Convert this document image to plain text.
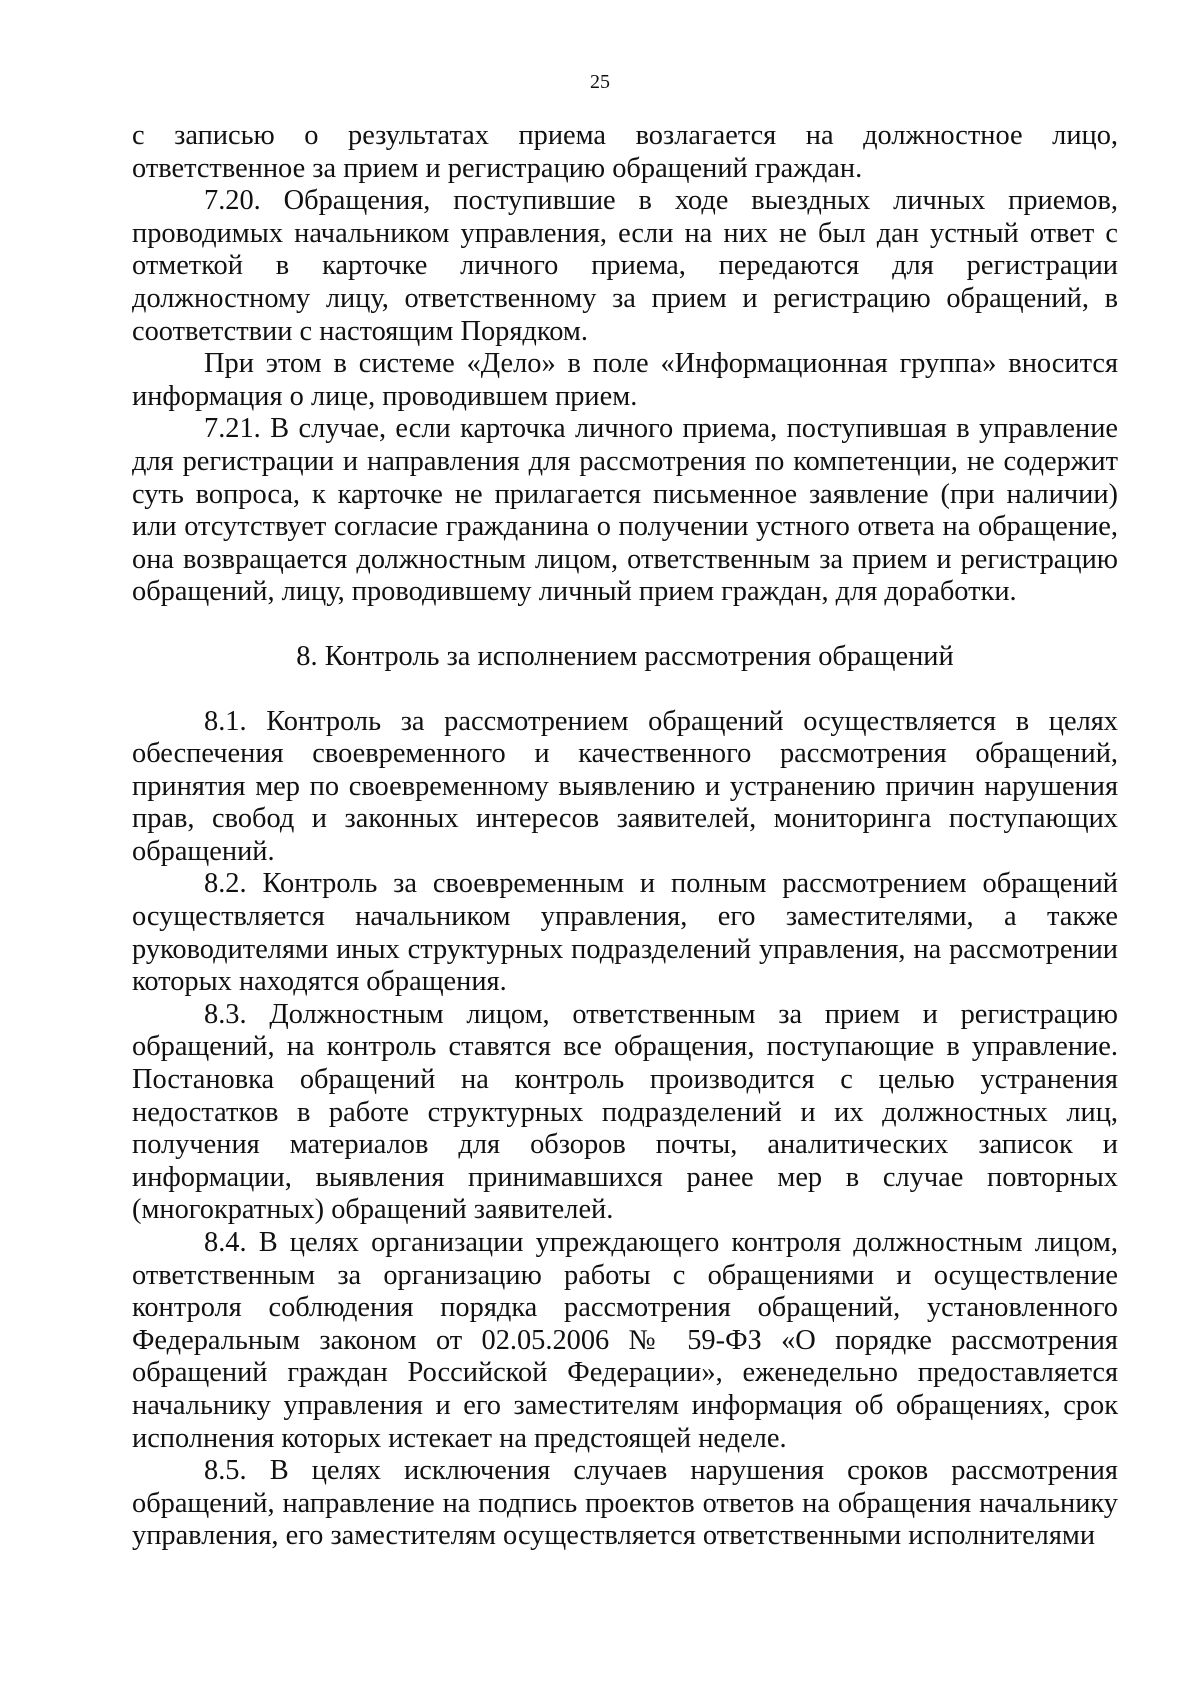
25

с записью о результатах приема возлагается на должностное лицо, ответственное за прием и регистрацию обращений граждан.

7.20. Обращения, поступившие в ходе выездных личных приемов, проводимых начальником управления, если на них не был дан устный ответ с отметкой в карточке личного приема, передаются для регистрации должностному лицу, ответственному за прием и регистрацию обращений, в соответствии с настоящим Порядком.

При этом в системе «Дело» в поле «Информационная группа» вносится информация о лице, проводившем прием.

7.21. В случае, если карточка личного приема, поступившая в управление для регистрации и направления для рассмотрения по компетенции, не содержит суть вопроса, к карточке не прилагается письменное заявление (при наличии) или отсутствует согласие гражданина о получении устного ответа на обращение, она возвращается должностным лицом, ответственным за прием и регистрацию обращений, лицу, проводившему личный прием граждан, для доработки.

8. Контроль за исполнением рассмотрения обращений

8.1. Контроль за рассмотрением обращений осуществляется в целях обеспечения своевременного и качественного рассмотрения обращений, принятия мер по своевременному выявлению и устранению причин нарушения прав, свобод и законных интересов заявителей, мониторинга поступающих обращений.

8.2. Контроль за своевременным и полным рассмотрением обращений осуществляется начальником управления, его заместителями, а также руководителями иных структурных подразделений управления, на рассмотрении которых находятся обращения.

8.3. Должностным лицом, ответственным за прием и регистрацию обращений, на контроль ставятся все обращения, поступающие в управление. Постановка обращений на контроль производится с целью устранения недостатков в работе структурных подразделений и их должностных лиц, получения материалов для обзоров почты, аналитических записок и информации, выявления принимавшихся ранее мер в случае повторных (многократных) обращений заявителей.

8.4. В целях организации упреждающего контроля должностным лицом, ответственным за организацию работы с обращениями и осуществление контроля соблюдения порядка рассмотрения обращений, установленного Федеральным законом от 02.05.2006 № 59-ФЗ «О порядке рассмотрения обращений граждан Российской Федерации», еженедельно предоставляется начальнику управления и его заместителям информация об обращениях, срок исполнения которых истекает на предстоящей неделе.

8.5. В целях исключения случаев нарушения сроков рассмотрения обращений, направление на подпись проектов ответов на обращения начальнику управления, его заместителям осуществляется ответственными исполнителями
